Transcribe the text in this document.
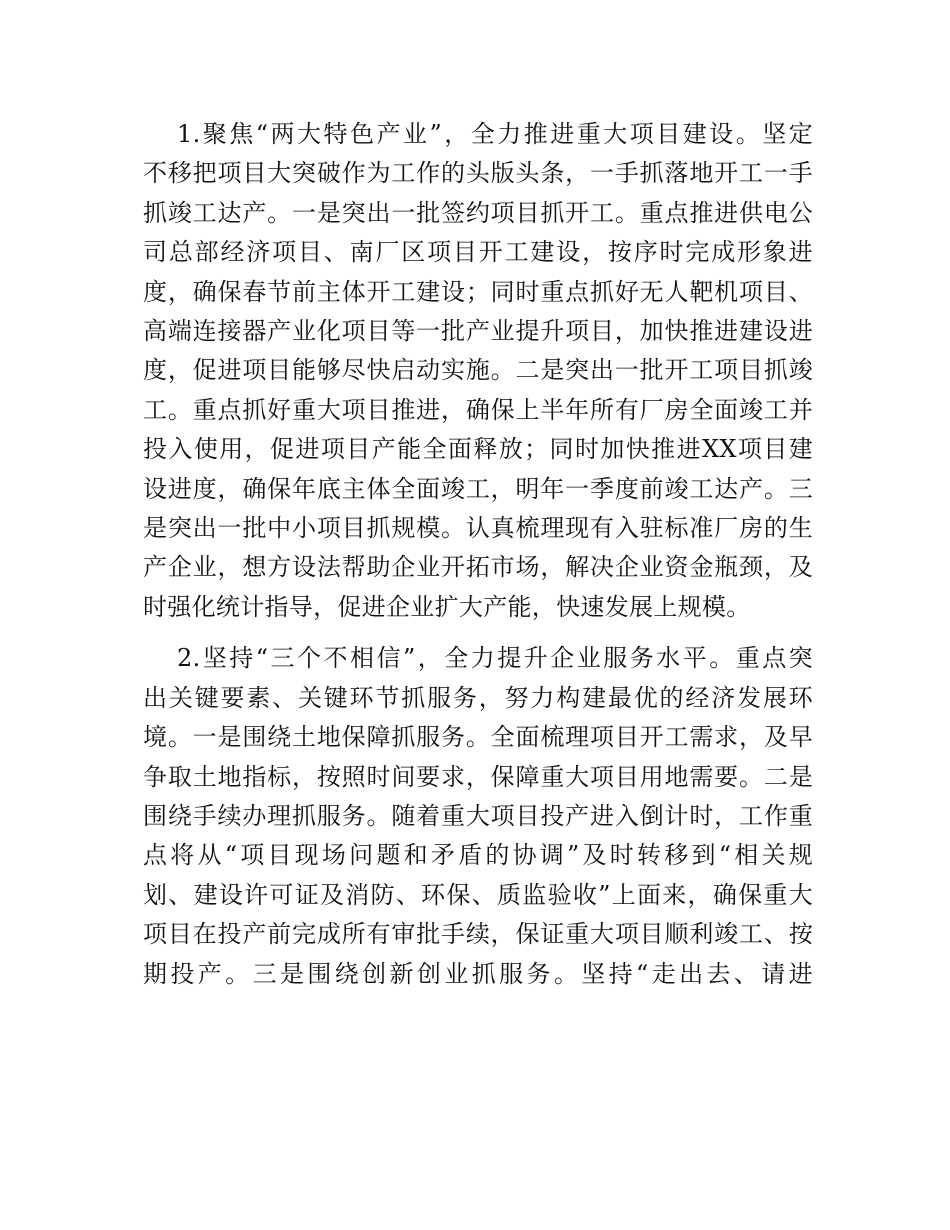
1.聚焦“两大特色产业”，全力推进重大项目建设。坚定
不移把项目大突破作为工作的头版头条，一手抓落地开工一手
抓竣工达产。一是突出一批签约项目抓开工。重点推进供电公
司总部经济项目、南厂区项目开工建设，按序时完成形象进
度，确保春节前主体开工建设；同时重点抓好无人靶机项目、
高端连接器产业化项目等一批产业提升项目，加快推进建设进
度，促进项目能够尽快启动实施。二是突出一批开工项目抓竣
工。重点抓好重大项目推进，确保上半年所有厂房全面竣工并
投入使用，促进项目产能全面释放；同时加快推进XX项目建
设进度，确保年底主体全面竣工，明年一季度前竣工达产。三
是突出一批中小项目抓规模。认真梳理现有入驻标准厂房的生
产企业，想方设法帮助企业开拓市场，解决企业资金瓶颈，及
时强化统计指导，促进企业扩大产能，快速发展上规模。

2.坚持“三个不相信”，全力提升企业服务水平。重点突
出关键要素、关键环节抓服务，努力构建最优的经济发展环
境。一是围绕土地保障抓服务。全面梳理项目开工需求，及早
争取土地指标，按照时间要求，保障重大项目用地需要。二是
围绕手续办理抓服务。随着重大项目投产进入倒计时，工作重
点将从“项目现场问题和矛盾的协调”及时转移到“相关规
划、建设许可证及消防、环保、质监验收”上面来，确保重大
项目在投产前完成所有审批手续，保证重大项目顺利竣工、按
期投产。三是围绕创新创业抓服务。坚持“走出去、请进
